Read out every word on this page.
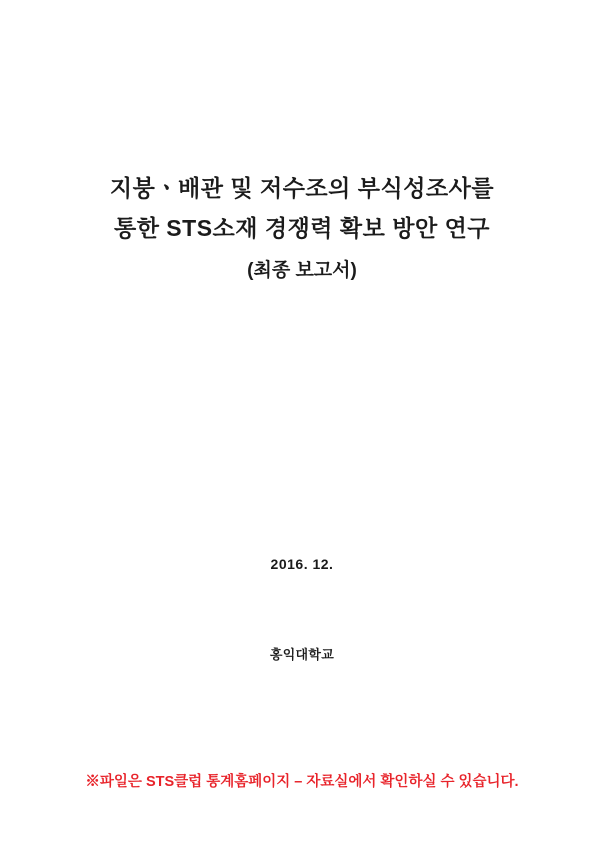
지붕ㆍ배관 및 저수조의 부식성조사를
통한 STS소재 경쟁력 확보 방안 연구
(최종 보고서)
2016. 12.
홍익대학교
※파일은 STS클럽 통계홈페이지 – 자료실에서 확인하실 수 있습니다.
